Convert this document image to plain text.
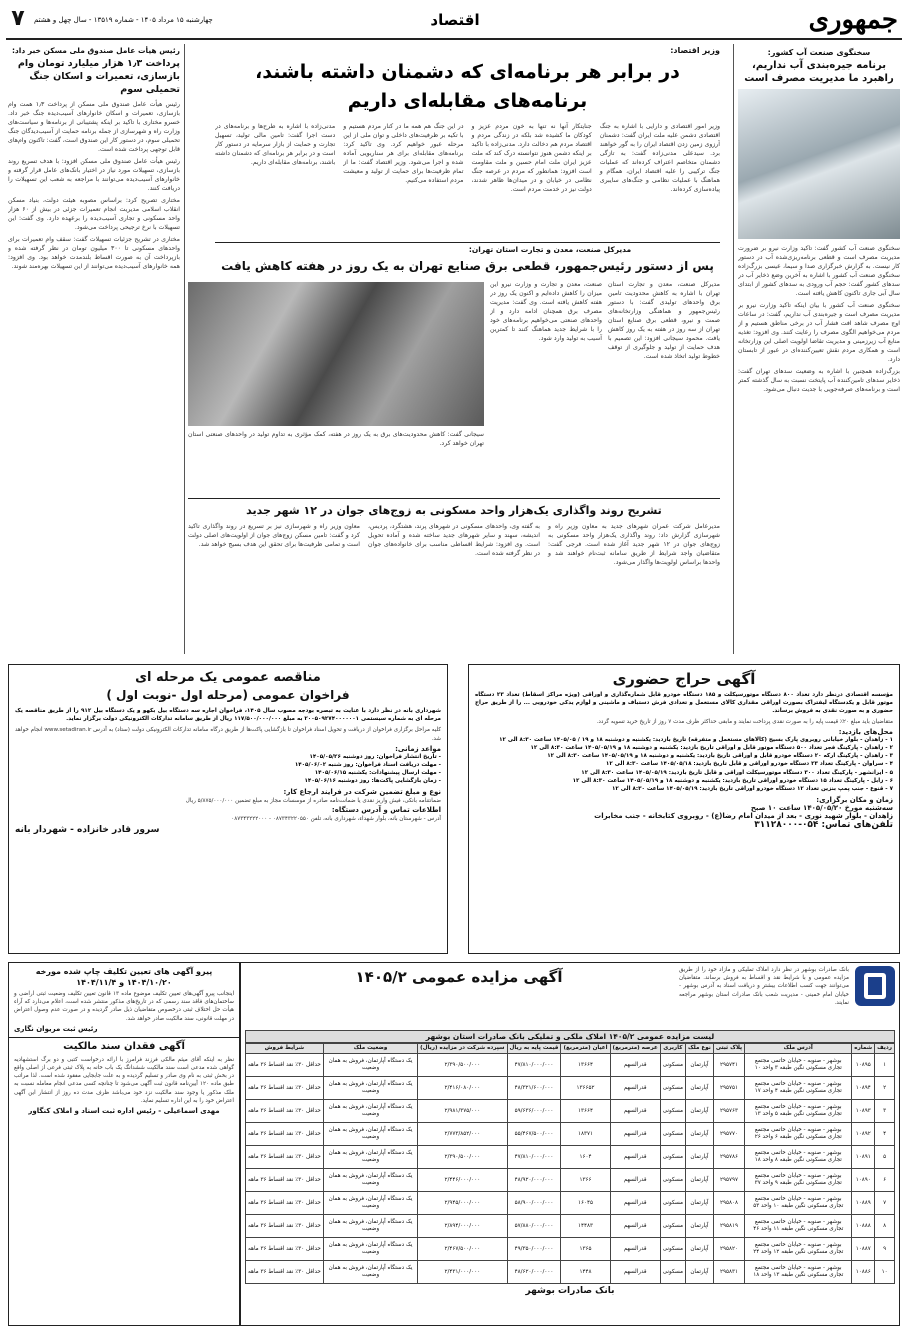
جمهوری
اقتصاد
چهارشنبه ۱۵ مرداد ۱۴۰۵ - شماره ۱۳۵۱۹ - سال چهل و هشتم
۷
سخنگوی صنعت آب کشور:
برنامه جیره‌بندی آب نداریم، راهبرد ما مدیریت مصرف است

سخنگوی صنعت آب کشور گفت: تاکید وزارت نیرو بر ضرورت مدیریت مصرف است و قطعی برنامه‌ریزی‌شده آب در دستور کار نیست. به گزارش خبرگزاری صدا و سیما، عیسی بزرگ‌زاده سخنگوی صنعت آب کشور با اشاره به آخرین وضع ذخایر آب در سدهای کشور گفت: حجم آب ورودی به سدهای کشور از ابتدای سال آبی جاری تاکنون کاهش یافته است.

سخنگوی صنعت آب کشور با بیان اینکه تاکید وزارت نیرو بر مدیریت مصرف است و جیره‌بندی آب نداریم، گفت: در ساعات اوج مصرف شاهد افت فشار آب در برخی مناطق هستیم و از مردم می‌خواهیم الگوی مصرف را رعایت کنند. وی افزود: تغذیه منابع آب زیرزمینی و مدیریت تقاضا اولویت اصلی این وزارتخانه است و همکاری مردم نقش تعیین‌کننده‌ای در عبور از تابستان دارد.

بزرگ‌زاده همچنین با اشاره به وضعیت سدهای تهران گفت: ذخایر سدهای تامین‌کننده آب پایتخت نسبت به سال گذشته کمتر است و برنامه‌های صرفه‌جویی با جدیت دنبال می‌شود.

وزیر اقتصاد:
در برابر هر برنامه‌ای که دشمنان داشته باشند، برنامه‌های مقابله‌ای داریم

وزیر امور اقتصادی و دارایی با اشاره به جنگ اقتصادی دشمن علیه ملت ایران گفت: دشمنان آرزوی زمین زدن اقتصاد ایران را به گور خواهند برد. سیدعلی مدنی‌زاده گفت: به تازگی دشمنان متخاصم اعتراف کرده‌اند که عملیات جنگ ترکیبی را علیه اقتصاد ایران، همگام و هماهنگ با عملیات نظامی و جنگ‌های سایبری پیاده‌سازی کرده‌اند.

جنایتکار آنها نه تنها به خون مردم عزیز و کودکان ما کشیده شد بلکه در زندگی مردم و اقتصاد مردم هم دخالت دارد. مدنی‌زاده با تاکید بر اینکه دشمن هنوز نتوانسته درک کند که ملت عزیز ایران ملت امام حسین و ملت مقاومت است افزود: همانطور که مردم در عرصه جنگ نظامی در خیابان و در میدان‌ها ظاهر شدند، دولت نیز در خدمت مردم است.

در این جنگ هم همه ما در کنار مردم هستیم و با تکیه بر ظرفیت‌های داخلی و توان ملی از این مرحله عبور خواهیم کرد. وی تاکید کرد: برنامه‌های مقابله‌ای برای هر سناریویی آماده شده و اجرا می‌شود. وزیر اقتصاد گفت: ما از تمام ظرفیت‌ها برای حمایت از تولید و معیشت مردم استفاده می‌کنیم.

مدنی‌زاده با اشاره به طرح‌ها و برنامه‌های در دست اجرا گفت: تامین مالی تولید، تسهیل تجارت و حمایت از بازار سرمایه در دستور کار است و در برابر هر برنامه‌ای که دشمنان داشته باشند، برنامه‌های مقابله‌ای داریم.

مدیرکل صنعت، معدن و تجارت استان تهران:
پس از دستور رئیس‌جمهور، قطعی برق صنایع تهران به یک روز در هفته کاهش یافت

مدیرکل صنعت، معدن و تجارت استان تهران با اشاره به کاهش محدودیت تامین برق واحدهای تولیدی گفت: با دستور رئیس‌جمهور و هماهنگی وزارتخانه‌های صمت و نیرو، قطعی برق صنایع استان تهران از سه روز در هفته به یک روز کاهش یافت. محمود سیجانی افزود: این تصمیم با هدف حمایت از تولید و جلوگیری از توقف خطوط تولید اتخاذ شده است.

صنعت، معدن و تجارت و وزارت نیرو این میزان را کاهش داده‌ایم و اکنون یک روز در هفته کاهش یافته است. وی گفت: مدیریت مصرف برق همچنان ادامه دارد و از واحدهای صنعتی می‌خواهیم برنامه‌های خود را با شرایط جدید هماهنگ کنند تا کمترین آسیب به تولید وارد شود.

سیجانی گفت: کاهش محدودیت‌های برق به یک روز در هفته، کمک مؤثری به تداوم تولید در واحدهای صنعتی استان تهران خواهد کرد.

تشریح روند واگذاری یک‌هزار واحد مسکونی به زوج‌های جوان در ۱۲ شهر جدید

مدیرعامل شرکت عمران شهرهای جدید به معاون وزیر راه و شهرسازی گزارش داد: روند واگذاری یک‌هزار واحد مسکونی به زوج‌های جوان در ۱۲ شهر جدید آغاز شده است. فرجی گفت: متقاضیان واجد شرایط از طریق سامانه ثبت‌نام خواهند شد و واحدها براساس اولویت‌ها واگذار می‌شود.

به گفته وی، واحدهای مسکونی در شهرهای پرند، هشتگرد، پردیس، اندیشه، سهند و سایر شهرهای جدید ساخته شده و آماده تحویل است. وی افزود: شرایط اقساطی مناسب برای خانواده‌های جوان در نظر گرفته شده است.

معاون وزیر راه و شهرسازی نیز بر تسریع در روند واگذاری تاکید کرد و گفت: تامین مسکن زوج‌های جوان از اولویت‌های اصلی دولت است و تمامی ظرفیت‌ها برای تحقق این هدف بسیج خواهد شد.

رئیس هیأت عامل صندوق ملی مسکن خبر داد:
پرداخت ۱٫۳ هزار میلیارد تومان وام بازسازی، تعمیرات و اسکان جنگ تحمیلی سوم

رئیس هیأت عامل صندوق ملی مسکن از پرداخت ۱٫۳ همت وام بازسازی، تعمیرات و اسکان خانوارهای آسیب‌دیده جنگ خبر داد. خسرو مختاری با تاکید بر اینکه پشتیبانی از برنامه‌ها و سیاست‌های وزارت راه و شهرسازی از جمله برنامه حمایت از آسیب‌دیدگان جنگ تحمیلی سوم، در دستور کار این صندوق است، گفت: تاکنون وام‌های قابل توجهی پرداخت شده است.

رئیس هیأت عامل صندوق ملی مسکن افزود: با هدف تسریع روند بازسازی، تسهیلات مورد نیاز در اختیار بانک‌های عامل قرار گرفته و خانوارهای آسیب‌دیده می‌توانند با مراجعه به شعب این تسهیلات را دریافت کنند.

مختاری تصریح کرد: براساس مصوبه هیئت دولت، بنیاد مسکن انقلاب اسلامی مدیریت انجام تعمیرات جزئی در بیش از ۶۰ هزار واحد مسکونی و تجاری آسیب‌دیده را برعهده دارد. وی گفت: این تسهیلات با نرخ ترجیحی پرداخت می‌شود.

مختاری در تشریح جزئیات تسهیلات گفت: سقف وام تعمیرات برای واحدهای مسکونی تا ۳۰۰ میلیون تومان در نظر گرفته شده و بازپرداخت آن به صورت اقساط بلندمدت خواهد بود. وی افزود: همه خانوارهای آسیب‌دیده می‌توانند از این تسهیلات بهره‌مند شوند.

آگهی حراج حضوری

مؤسسه اقتصادی درنظر دارد تعداد ۸۰۰ دستگاه موتورسیکلت و ۱۸۵ دستگاه خودرو قابل شماره‌گذاری و اوراقی (ویژه مراکز اسقاط) تعداد ۲۳ دستگاه موتور قابل و یکدستگاه لیفتراک بصورت اوراقی مقداری کالای مستعمل و تعدادی فرش دستباف و ماشینی و لوازم یدکی خودرویی ... را از طریق حراج حضوری و به صورت نقدی به فروش برساند.

متقاضیان باید مبلغ ۲۰٪ قیمت پایه را به صورت نقدی پرداخت نمایند و مابقی حداکثر ظرف مدت ۷ روز از تاریخ خرید تسویه گردد.

محل‌های بازدید:
۱ - زاهدان - بلوار خیابانی روبروی پارک بسیج (کالاهای مستعمل و متفرقه) تاریخ بازدید: یکشنبه و دوشنبه ۱۸ و ۱۹ / ۱۴۰۵/۰۵ ساعت ۸:۳۰ الی ۱۲
۲ - زاهدان - پارکینگ فجر تعداد ۵۰۰ دستگاه موتور قابل و اوراقی تاریخ بازدید: یکشنبه و دوشنبه ۱۸ و ۱۴۰۵/۰۵/۱۹ ساعت ۸:۳۰ الی ۱۲
۳ - زاهدان - پارکینگ ارکه ۲۰ دستگاه خودرو قابل و اوراقی تاریخ بازدید: یکشنبه و دوشنبه ۱۸ و ۱۴۰۵/۰۵/۱۹ ساعت ۸:۳۰ الی ۱۲
۴ - سراوان - پارکینگ تعداد ۲۳ دستگاه خودرو اوراقی و قابل تاریخ بازدید: ۱۴۰۵/۰۵/۱۸ ساعت ۸:۳۰ الی ۱۲
۵ - ایرانشهر - پارکینگ تعداد ۳۰۰ دستگاه موتورسیکلت اوراقی و قابل تاریخ بازدید: ۱۴۰۵/۰۵/۱۹ ساعت ۸:۳۰ الی ۱۲
۶ - زابل - پارکینگ تعداد ۱۵ دستگاه خودرو اوراقی تاریخ بازدید: یکشنبه و دوشنبه ۱۸ و ۱۴۰۵/۰۵/۱۹ ساعت ۸:۳۰ الی ۱۲
۷ - قنوع - جنب پمپ بنزین تعداد ۱۲ دستگاه خودرو اوراقی تاریخ بازدید: ۱۴۰۵/۰۵/۱۹ ساعت ۸:۳۰ الی ۱۲
زمان و مکان برگزاری:
سه‌شنبه مورخ ۱۴۰۵/۰۵/۲۰ ساعت ۱۰ صبح
زاهدان - بلوار شهید نوری - بعد از میدان امام رضا(ع) - روبروی کتابخانه - جنب مخابرات
تلفن‌های تماس: ۰۵۴-۳۱۱۲۸۰۰۰
مناقصه عمومی یک مرحله ای
فراخوان عمومی (مرحله اول -نوبت اول )

شهرداری بانه در نظر دارد با عنایت به تبصره بودجه مصوب سال ۱۴۰۵، فراخوان اجاره سه دستگاه بیل بکهو و یک دستگاه بیل ۹۱۲ را از طریق مناقصه یک مرحله ای به شماره سیستمی ۲۰۰۵۰۹۲۷۴۰۰۰۰۰۰۱ به مبلغ ۱۱۷/۵۰۰/۰۰۰/۰۰۰ ریال از طریق سامانه تدارکات الکترونیکی دولت برگزار نماید.

کلیه مراحل برگزاری فراخوان از دریافت و تحویل اسناد فراخوان تا بازگشایی پاکت‌ها از طریق درگاه سامانه تدارکات الکترونیکی دولت (ستاد) به آدرس www.setadiran.ir انجام خواهد شد.

مواعد زمانی:
- تاریخ انتشار فراخوان: روز دوشنبه ۱۴۰۵/۰۵/۲۶
- مهلت دریافت اسناد فراخوان: روز شنبه ۱۴۰۵/۰۶/۰۲
- مهلت ارسال پیشنهادات: یکشنبه ۱۴۰۵/۰۶/۱۵
- زمان بازگشایی پاکت‌ها: روز دوشنبه ۱۴۰۵/۰۶/۱۶
نوع و مبلغ تضمین شرکت در فرایند ارجاع کار:

ضمانتنامه بانکی، فیش واریز نقدی یا ضمانت‌نامه صادره از موسسات مجاز به مبلغ تضمین ۵/۸۷۵/۰۰۰/۰۰۰ ریال

اطلاعات تماس و آدرس دستگاه:

آدرس - شهرستان بانه، بلوار شهداء، شهرداری بانه، تلفن ۰۸۷۳۴۳۲۲۰۵۵۰ - ۰۸۷۳۴۳۲۲۲۰۰۰

سرور قادر خانزاده - شهردار بانه

بانک صادرات بوشهر در نظر دارد املاک تملیکی و مازاد خود را از طریق مزایده عمومی و با شرایط نقد و اقساط به فروش برساند. متقاضیان می‌توانند جهت کسب اطلاعات بیشتر و دریافت اسناد به آدرس بوشهر - خیابان امام خمینی - مدیریت شعب بانک صادرات استان بوشهر مراجعه نمایند.

آگهی مزایده عمومی ۱۴۰۵/۲
لیست مزایده عمومی ۱۴۰۵/۲ املاک ملکی و تملیکی بانک صادرات استان بوشهر
ردیف	شماره	آدرس ملک	پلاک ثبتی	نوع ملک	کاربری	عرصه (مترمربع)	اعیان (مترمربع)	قیمت پایه به ریال	سپرده شرکت در مزایده (ریال)	وضعیت ملک	شرایط فروش
۱	۱۰۸۹۵	بوشهر - صنوبه - خیابان خاتمی مجتمع تجاری مسکونی نگین طبقه ۳ واحد ۱۰	۲۹۵۷۴۱	آپارتمان	مسکونی	قدرالسهم	۱۳۶۶۴	۴۷/۸۱۰/۰۰۰/۰۰۰	۲/۳۹۰/۵۰۰/۰۰۰	یک دستگاه آپارتمان، فروش به همان وضعیت	حداقل ۳۰٪ نقد اقساط ۳۶ ماهه
۲	۱۰۸۹۴	بوشهر - صنوبه - خیابان خاتمی مجتمع تجاری مسکونی نگین طبقه ۴ واحد ۱۷	۲۹۵۷۵۱	آپارتمان	مسکونی	قدرالسهم	۱۳۶۶۵۲	۴۸/۳۲۱/۶۰۰/۰۰۰	۲/۴۱۶/۰۸۰/۰۰۰	یک دستگاه آپارتمان، فروش به همان وضعیت	حداقل ۳۰٪ نقد اقساط ۳۶ ماهه
۳	۱۰۸۹۳	بوشهر - صنوبه - خیابان خاتمی مجتمع تجاری مسکونی نگین طبقه ۵ واحد ۱۳	۲۹۵۷۶۳	آپارتمان	مسکونی	قدرالسهم	۱۳۶۶۴	۵۹/۶۳۶/۰۰۰/۰۰۰	۲/۹۸۱/۳۷۵/۰۰۰	یک دستگاه آپارتمان، فروش به همان وضعیت	حداقل ۳۰٪ نقد اقساط ۳۶ ماهه
۴	۱۰۸۹۲	بوشهر - صنوبه - خیابان خاتمی مجتمع تجاری مسکونی نگین طبقه ۶ واحد ۲۶	۲۹۵۷۷۰	آپارتمان	مسکونی	قدرالسهم	۱۸۳۷۱	۵۵/۴۶۷/۵۰۰/۰۰۰	۲/۷۷۳/۸۵۲/۰۰۰	یک دستگاه آپارتمان، فروش به همان وضعیت	حداقل ۳۰٪ نقد اقساط ۳۶ ماهه
۵	۱۰۸۹۱	بوشهر - صنوبه - خیابان خاتمی مجتمع تجاری مسکونی نگین طبقه ۸ واحد ۱۸	۲۹۵۷۸۶	آپارتمان	مسکونی	قدرالسهم	۱۶۰۴	۴۷/۸۱۰/۰۰۰/۰۰۰	۲/۳۹۰/۵۰۰/۰۰۰	یک دستگاه آپارتمان، فروش به همان وضعیت	حداقل ۳۰٪ نقد اقساط ۳۶ ماهه
۶	۱۰۸۹۰	بوشهر - صنوبه - خیابان خاتمی مجتمع تجاری مسکونی نگین طبقه ۹ واحد ۳۷	۲۹۵۷۹۷	آپارتمان	مسکونی	قدرالسهم	۱۳۶۶	۴۸/۹۲۰/۰۰۰/۰۰۰	۲/۴۴۶/۰۰۰/۰۰۰	یک دستگاه آپارتمان، فروش به همان وضعیت	حداقل ۳۰٪ نقد اقساط ۳۶ ماهه
۷	۱۰۸۸۹	بوشهر - صنوبه - خیابان خاتمی مجتمع تجاری مسکونی نگین طبقه ۱۰ واحد ۵۳	۲۹۵۸۰۸	آپارتمان	مسکونی	قدرالسهم	۱۶۰۴۵	۵۸/۹۰۰/۰۰۰/۰۰۰	۲/۹۴۵/۰۰۰/۰۰۰	یک دستگاه آپارتمان، فروش به همان وضعیت	حداقل ۳۰٪ نقد اقساط ۳۶ ماهه
۸	۱۰۸۸۸	بوشهر - صنوبه - خیابان خاتمی مجتمع تجاری مسکونی نگین طبقه ۱۱ واحد ۴۶	۲۹۵۸۱۹	آپارتمان	مسکونی	قدرالسهم	۱۴۴۸۳	۵۷/۸۸۰/۰۰۰/۰۰۰	۲/۸۹۴/۰۰۰/۰۰۰	یک دستگاه آپارتمان، فروش به همان وضعیت	حداقل ۳۰٪ نقد اقساط ۳۶ ماهه
۹	۱۰۸۸۷	بوشهر - صنوبه - خیابان خاتمی مجتمع تجاری مسکونی نگین طبقه ۱۲ واحد ۲۴	۲۹۵۸۲۰	آپارتمان	مسکونی	قدرالسهم	۱۳۶۵	۴۹/۳۵۰/۰۰۰/۰۰۰	۲/۴۶۷/۵۰۰/۰۰۰	یک دستگاه آپارتمان، فروش به همان وضعیت	حداقل ۳۰٪ نقد اقساط ۳۶ ماهه
۱۰	۱۰۸۸۶	بوشهر - صنوبه - خیابان خاتمی مجتمع تجاری مسکونی نگین طبقه ۱۳ واحد ۱۸	۲۹۵۸۳۱	آپارتمان	مسکونی	قدرالسهم	۱۴۴۸	۴۸/۶۲۰/۰۰۰/۰۰۰	۲/۴۳۱/۰۰۰/۰۰۰	یک دستگاه آپارتمان، فروش به همان وضعیت	حداقل ۳۰٪ نقد اقساط ۳۶ ماهه
بانک صادرات بوشهر
پیرو آگهی های تعیین تکلیف چاپ شده مورخه ۱۴۰۴/۱۰/۲۰ و ۱۴۰۴/۱۱/۴

اینجانب پیرو آگهی‌های تعیین تکلیف موضوع ماده ۱۳ قانون تعیین تکلیف وضعیت ثبتی اراضی و ساختمان‌های فاقد سند رسمی که در تاریخ‌های مذکور منتشر شده است، اعلام می‌دارد که آراء هیأت حل اختلاف ثبتی درخصوص متقاضیان ذیل صادر گردیده و در صورت عدم وصول اعتراض در مهلت قانونی، سند مالکیت صادر خواهد شد.

رئیس ثبت مریوان نگاری
آگهی فقدان سند مالکیت

نظر به اینکه آقای میثم مالکی فرزند فرامرز با ارائه درخواست کتبی و دو برگ استشهادیه گواهی شده مدعی است سند مالکیت ششدانگ یک باب خانه به پلاک ثبتی فرعی از اصلی واقع در بخش ثبتی به نام وی صادر و تسلیم گردیده و به علت جابجایی مفقود شده است. لذا مراتب طبق ماده ۱۲۰ آیین‌نامه قانون ثبت آگهی می‌شود تا چنانچه کسی مدعی انجام معامله نسبت به ملک مذکور یا وجود سند مالکیت نزد خود می‌باشد ظرف مدت ده روز از انتشار این آگهی اعتراض خود را به این اداره تسلیم نماید.

مهدی اسماعیلی - رئیس اداره ثبت اسناد و املاک کنگاور
